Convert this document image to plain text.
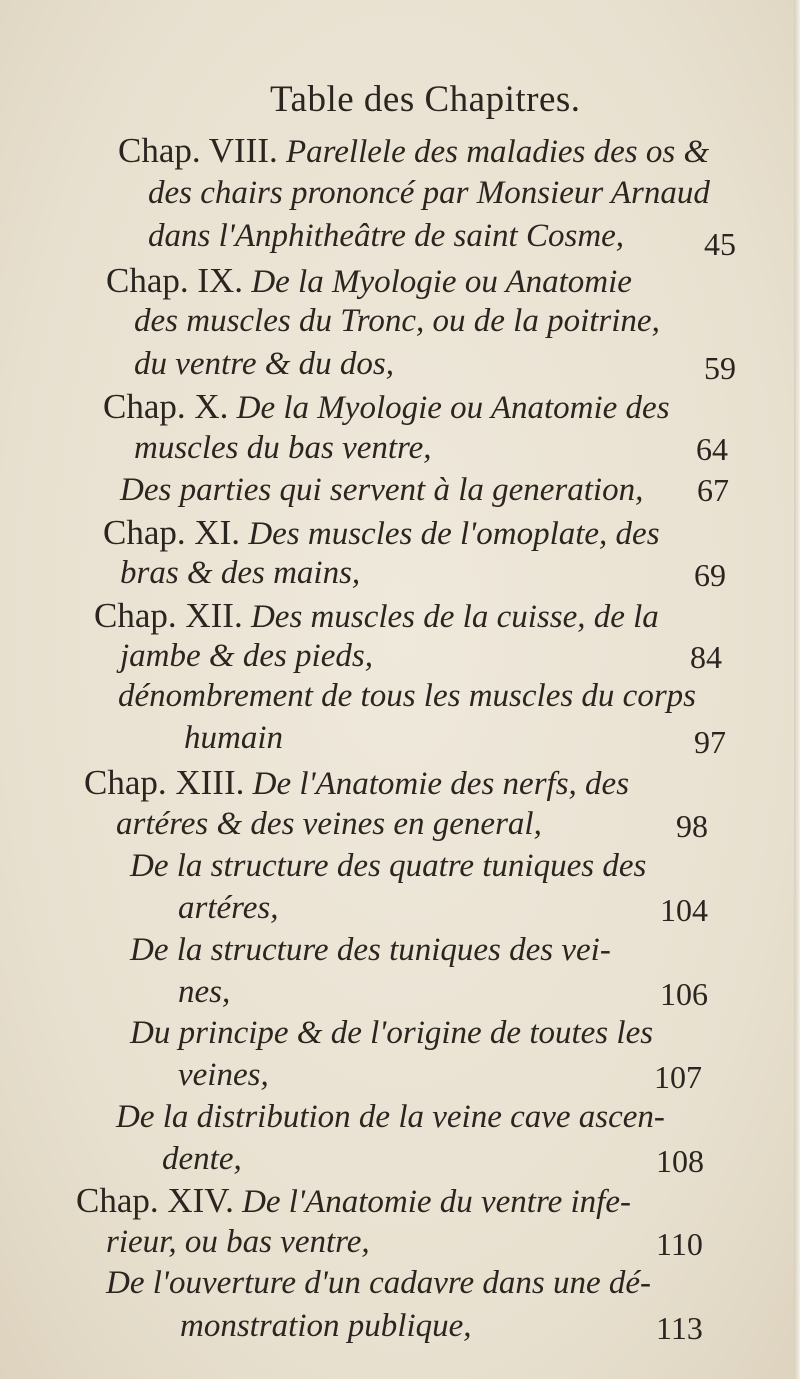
Table des Chapitres.
Chap. VIII. Parellele des maladies des os &
des chairs prononcé par Monsieur Arnaud
dans l'Anphitheâtre de saint Cosme, 45
Chap. IX. De la Myologie ou Anatomie
des muscles du Tronc, ou de la poitrine,
du ventre & du dos,	59
Chap. X. De la Myologie ou Anatomie des
muscles du bas ventre,	64
Des parties qui servent à la generation, 67
Chap. XI. Des muscles de l'omoplate, des
bras & des mains,	69
Chap. XII. Des muscles de la cuisse, de la
jambe & des pieds,	84
dénombrement de tous les muscles du corps
humain	97
Chap. XIII. De l'Anatomie des nerfs, des
artéres & des veines en general,	98
De la structure des quatre tuniques des
artéres,	104
De la structure des tuniques des vei-
nes,	106
Du principe & de l'origine de toutes les
veines,	107
De la distribution de la veine cave ascen-
dente,	108
Chap. XIV. De l'Anatomie du ventre infe-
rieur, ou bas ventre,	110
De l'ouverture d'un cadavre dans une dé-
monstration publique,	113
